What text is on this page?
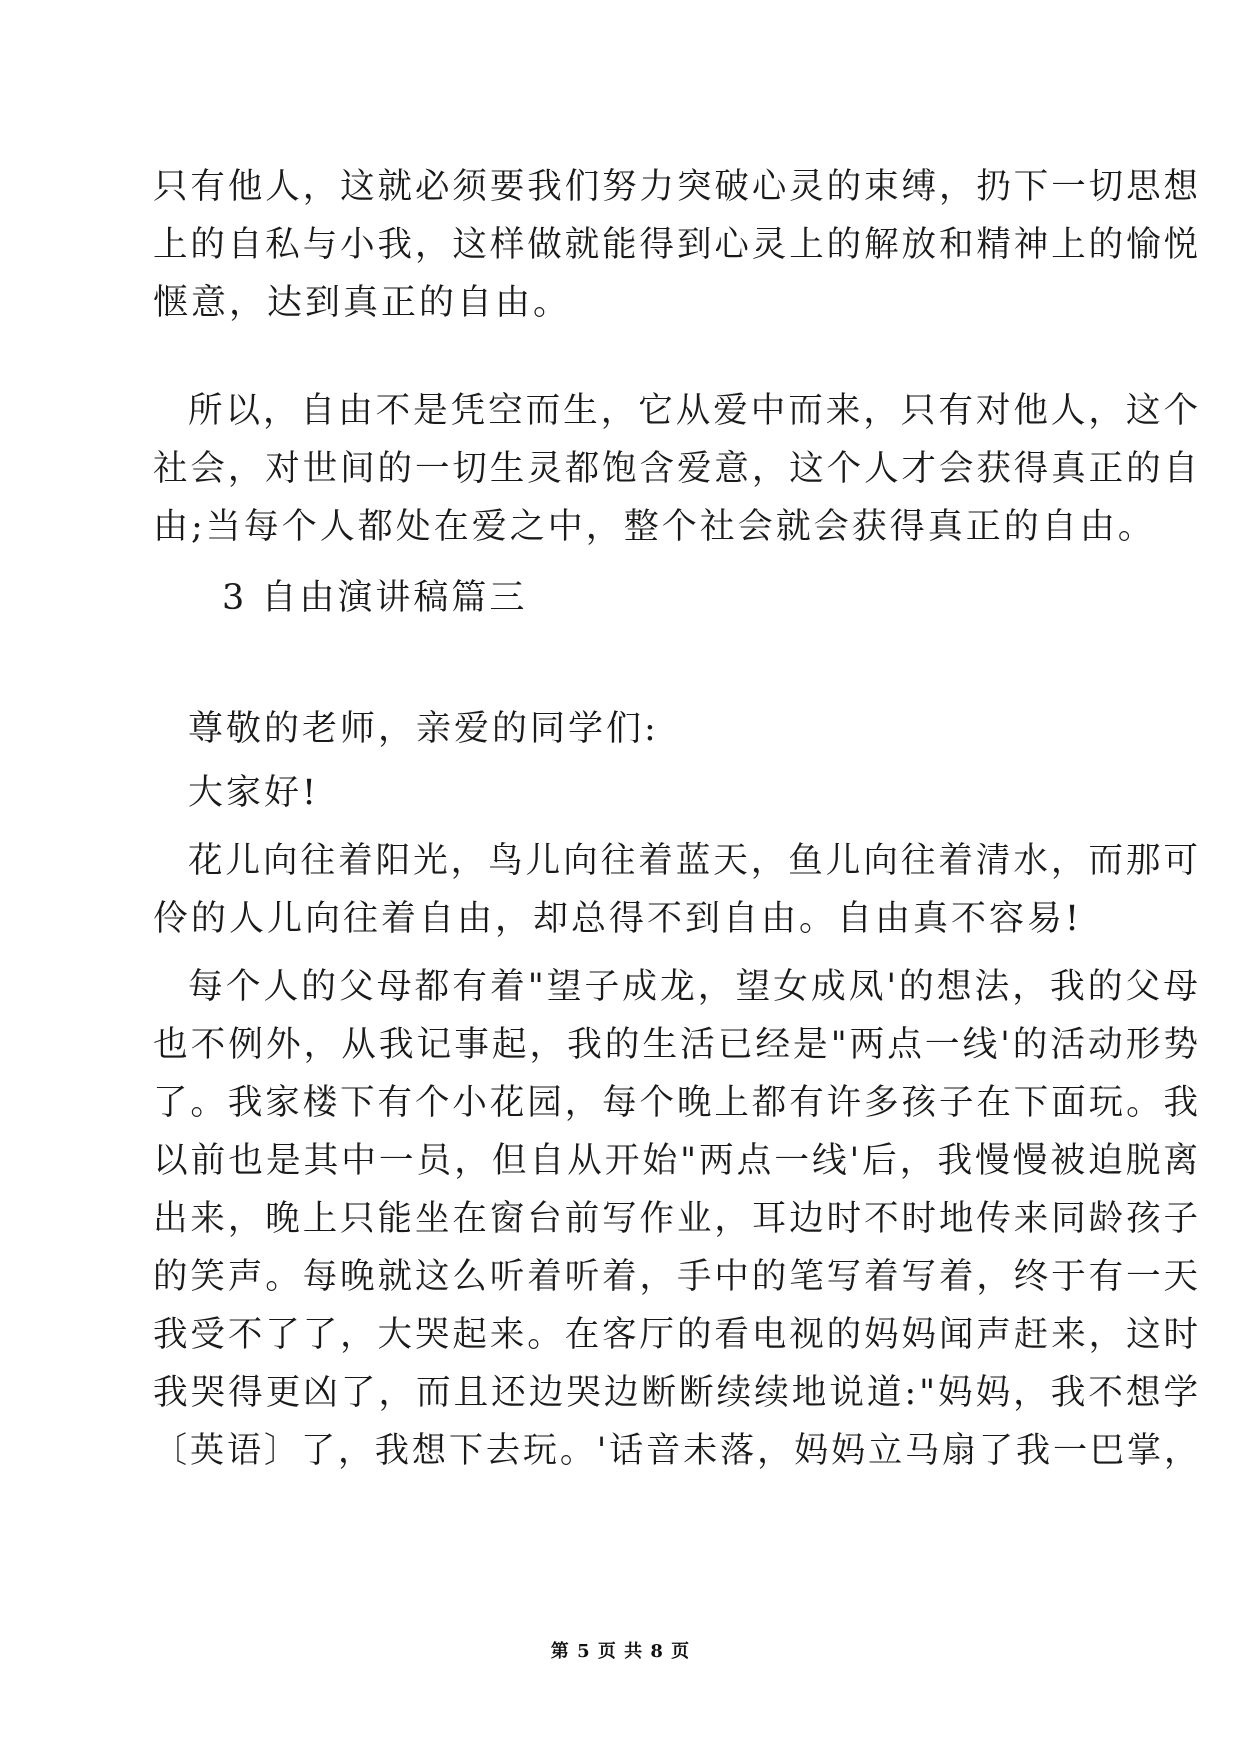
只有他人，这就必须要我们努力突破心灵的束缚，扔下一切思想
上的自私与小我，这样做就能得到心灵上的解放和精神上的愉悦
惬意，达到真正的自由。
所以，自由不是凭空而生，它从爱中而来，只有对他人，这个
社会，对世间的一切生灵都饱含爱意，这个人才会获得真正的自
由;当每个人都处在爱之中，整个社会就会获得真正的自由。
3 自由演讲稿篇三
尊敬的老师，亲爱的同学们:
大家好!
花儿向往着阳光，鸟儿向往着蓝天，鱼儿向往着清水，而那可
伶的人儿向往着自由，却总得不到自由。自由真不容易!
每个人的父母都有着"望子成龙，望女成凤'的想法，我的父母
也不例外，从我记事起，我的生活已经是"两点一线'的活动形势
了。我家楼下有个小花园，每个晚上都有许多孩子在下面玩。我
以前也是其中一员，但自从开始"两点一线'后，我慢慢被迫脱离
出来，晚上只能坐在窗台前写作业，耳边时不时地传来同龄孩子
的笑声。每晚就这么听着听着，手中的笔写着写着，终于有一天
我受不了了，大哭起来。在客厅的看电视的妈妈闻声赶来，这时
我哭得更凶了，而且还边哭边断断续续地说道:"妈妈，我不想学
〔英语〕了，我想下去玩。'话音未落，妈妈立马扇了我一巴掌，
第 5 页 共 8 页
